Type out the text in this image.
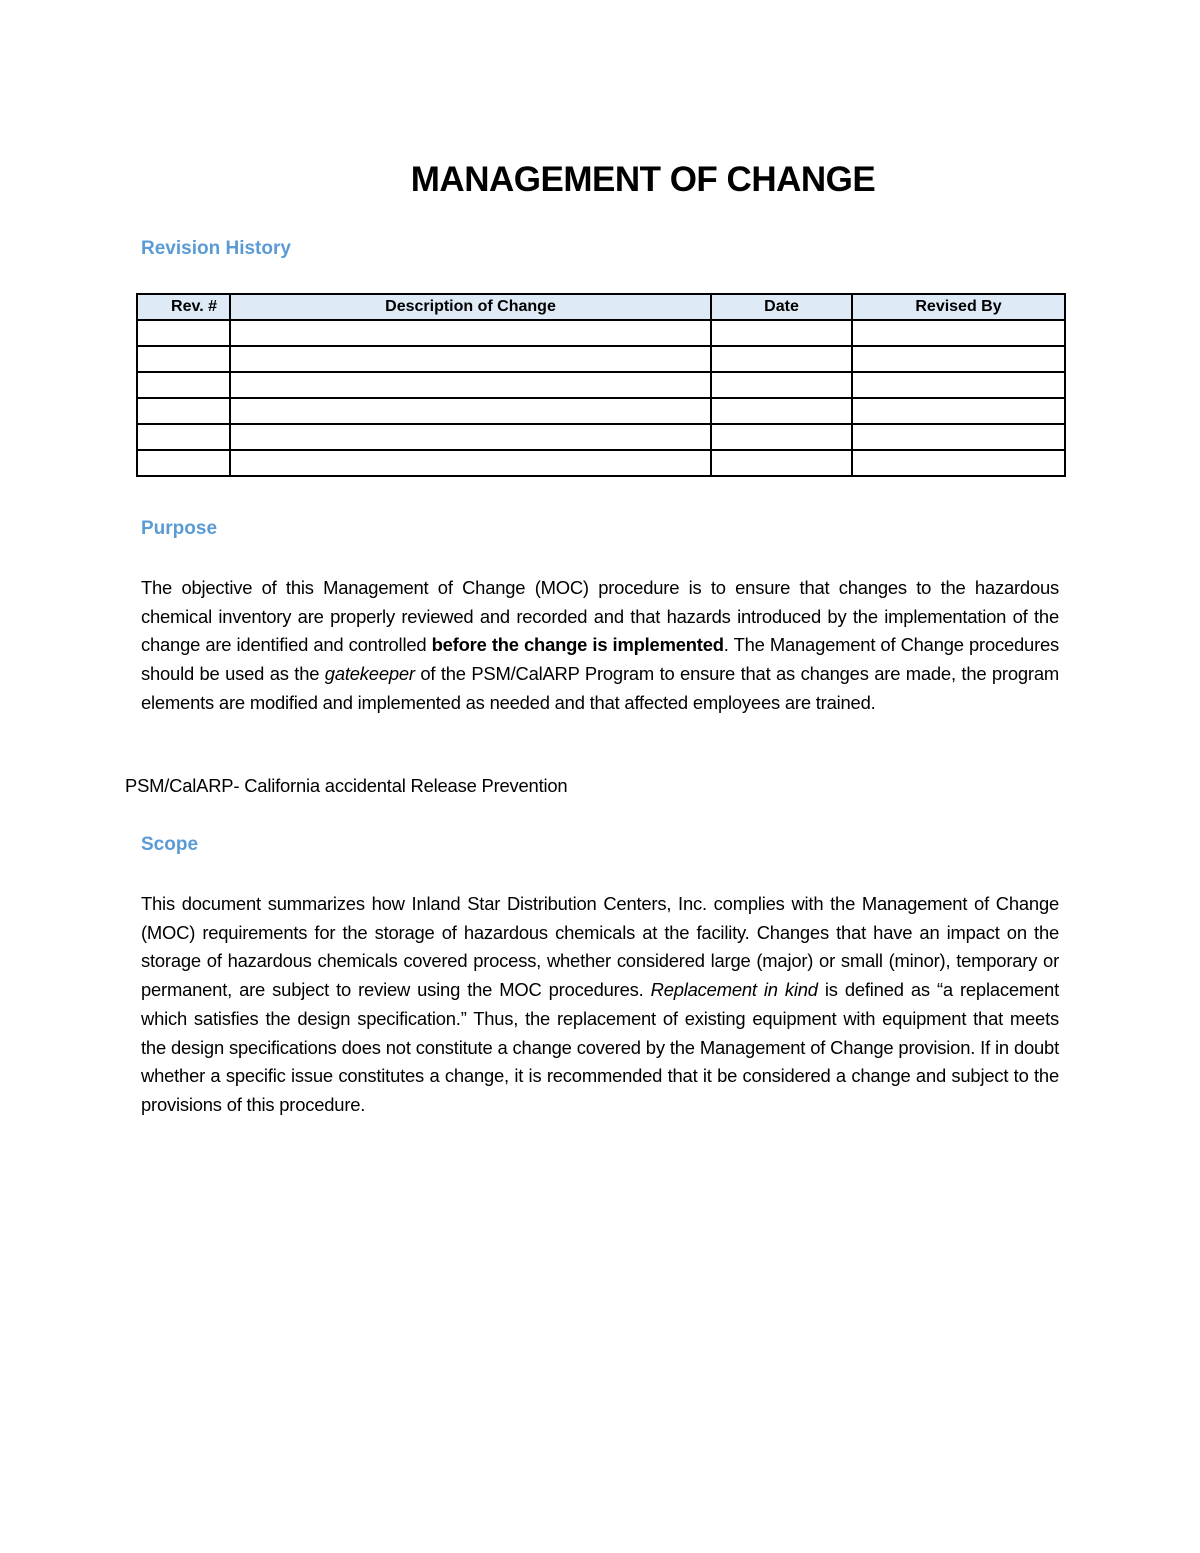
MANAGEMENT OF CHANGE
Revision History
Rev. #	Description of Change	Date	Revised By

Purpose
The objective of this Management of Change (MOC) procedure is to ensure that changes to the hazardous chemical inventory are properly reviewed and recorded and that hazards introduced by the implementation of the change are identified and controlled before the change is implemented. The Management of Change procedures should be used as the gatekeeper of the PSM/CalARP Program to ensure that as changes are made, the program elements are modified and implemented as needed and that affected employees are trained.
PSM/CalARP- California accidental Release Prevention
Scope
This document summarizes how Inland Star Distribution Centers, Inc. complies with the Management of Change (MOC) requirements for the storage of hazardous chemicals at the facility. Changes that have an impact on the storage of hazardous chemicals covered process, whether considered large (major) or small (minor), temporary or permanent, are subject to review using the MOC procedures. Replacement in kind is defined as “a replacement which satisfies the design specification.” Thus, the replacement of existing equipment with equipment that meets the design specifications does not constitute a change covered by the Management of Change provision. If in doubt whether a specific issue constitutes a change, it is recommended that it be considered a change and subject to the provisions of this procedure.
